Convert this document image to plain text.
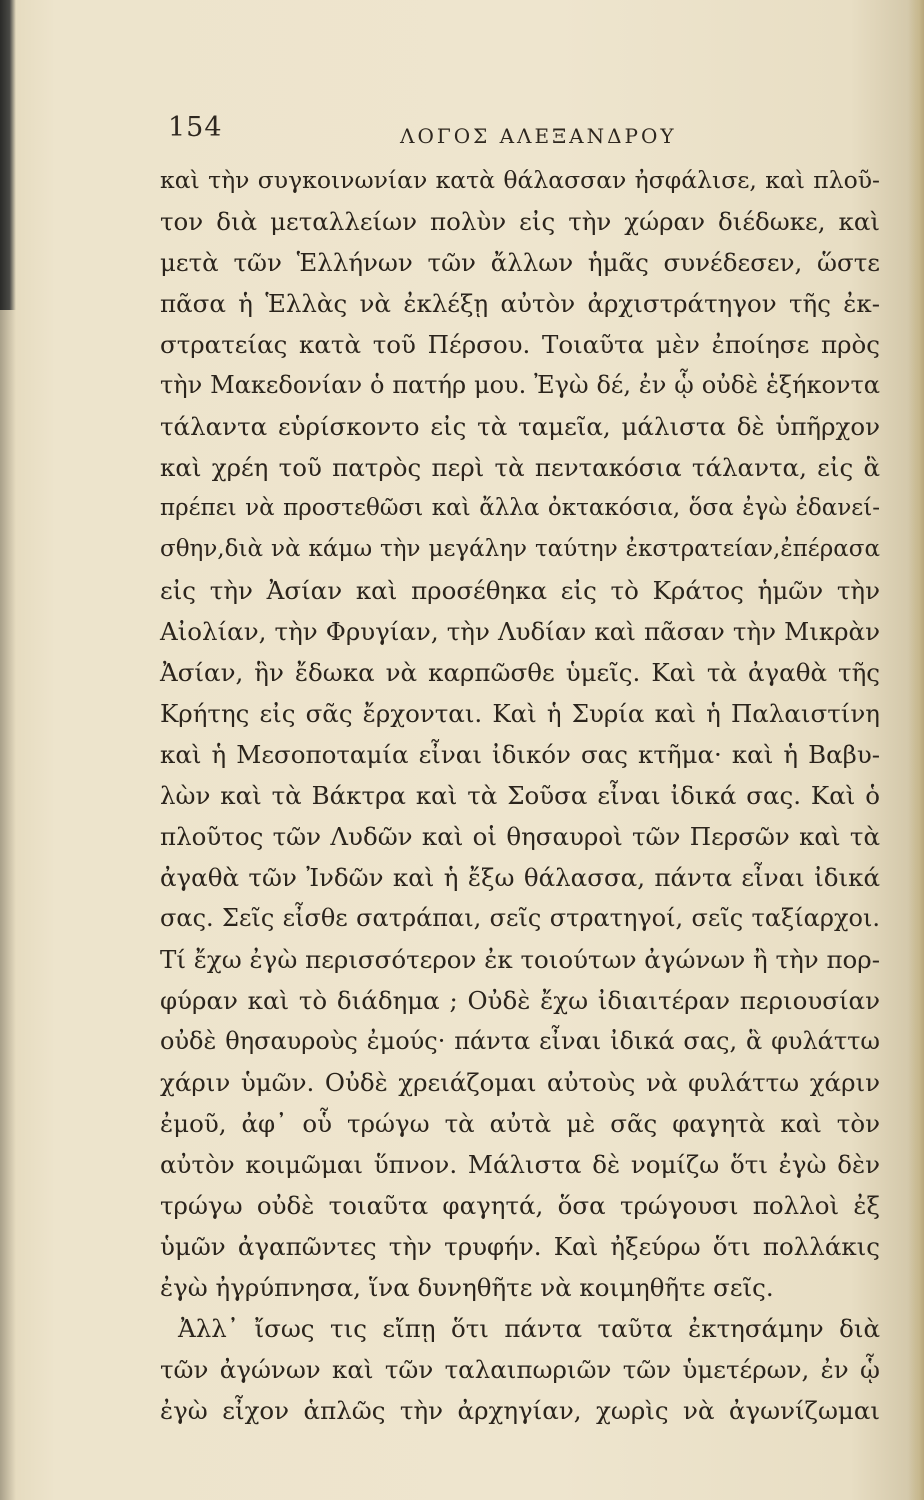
154	ΛΟΓΟΣ ΑΛΕΞΑΝΔΡΟΥ
καὶ τὴν συγκοινωνίαν κατὰ θάλασσαν ἠσφάλισε, καὶ πλοῦ-
τον διὰ μεταλλείων πολὺν εἰς τὴν χώραν διέδωκε, καὶ
μετὰ τῶν Ἑλλήνων τῶν ἄλλων ἡμᾶς συνέδεσεν, ὥστε
πᾶσα ἡ Ἑλλὰς νὰ ἐκλέξῃ αὐτὸν ἀρχιστράτηγον τῆς ἐκ-
στρατείας κατὰ τοῦ Πέρσου. Τοιαῦτα μὲν ἐποίησε πρὸς
τὴν Μακεδονίαν ὁ πατήρ μου. Ἐγὼ δέ, ἐν ᾧ οὐδὲ ἑξήκοντα
τάλαντα εὑρίσκοντο εἰς τὰ ταμεῖα, μάλιστα δὲ ὑπῆρχον
καὶ χρέη τοῦ πατρὸς περὶ τὰ πεντακόσια τάλαντα, εἰς ἃ
πρέπει νὰ προστεθῶσι καὶ ἄλλα ὀκτακόσια, ὅσα ἐγὼ ἐδανεί-
σθην,διὰ νὰ κάμω τὴν μεγάλην ταύτην ἐκστρατείαν,ἐπέρασα
εἰς τὴν Ἀσίαν καὶ προσέθηκα εἰς τὸ Κράτος ἡμῶν τὴν
Αἰολίαν, τὴν Φρυγίαν, τὴν Λυδίαν καὶ πᾶσαν τὴν Μικρὰν
Ἀσίαν, ἣν ἔδωκα νὰ καρπῶσθε ὑμεῖς. Καὶ τὰ ἀγαθὰ τῆς
Κρήτης εἰς σᾶς ἔρχονται. Καὶ ἡ Συρία καὶ ἡ Παλαιστίνη
καὶ ἡ Μεσοποταμία εἶναι ἰδικόν σας κτῆμα· καὶ ἡ Βαβυ-
λὼν καὶ τὰ Βάκτρα καὶ τὰ Σοῦσα εἶναι ἰδικά σας. Καὶ ὁ
πλοῦτος τῶν Λυδῶν καὶ οἱ θησαυροὶ τῶν Περσῶν καὶ τὰ
ἀγαθὰ τῶν Ἰνδῶν καὶ ἡ ἔξω θάλασσα, πάντα εἶναι ἰδικά
σας. Σεῖς εἶσθε σατράπαι, σεῖς στρατηγοί, σεῖς ταξίαρχοι.
Τί ἔχω ἐγὼ περισσότερον ἐκ τοιούτων ἀγώνων ἢ τὴν πορ-
φύραν καὶ τὸ διάδημα ; Οὐδὲ ἔχω ἰδιαιτέραν περιουσίαν
οὐδὲ θησαυροὺς ἐμούς· πάντα εἶναι ἰδικά σας, ἃ φυλάττω
χάριν ὑμῶν. Οὐδὲ χρειάζομαι αὐτοὺς νὰ φυλάττω χάριν
ἐμοῦ, ἀφ᾽ οὗ τρώγω τὰ αὐτὰ μὲ σᾶς φαγητὰ καὶ τὸν
αὐτὸν κοιμῶμαι ὕπνον. Μάλιστα δὲ νομίζω ὅτι ἐγὼ δὲν
τρώγω οὐδὲ τοιαῦτα φαγητά, ὅσα τρώγουσι πολλοὶ ἐξ
ὑμῶν ἀγαπῶντες τὴν τρυφήν. Καὶ ἠξεύρω ὅτι πολλάκις
ἐγὼ ἠγρύπνησα, ἵνα δυνηθῆτε νὰ κοιμηθῆτε σεῖς.
Ἀλλ᾽ ἴσως τις εἴπῃ ὅτι πάντα ταῦτα ἐκτησάμην διὰ
τῶν ἀγώνων καὶ τῶν ταλαιπωριῶν τῶν ὑμετέρων, ἐν ᾧ
ἐγὼ εἶχον ἁπλῶς τὴν ἀρχηγίαν, χωρὶς νὰ ἀγωνίζωμαι
